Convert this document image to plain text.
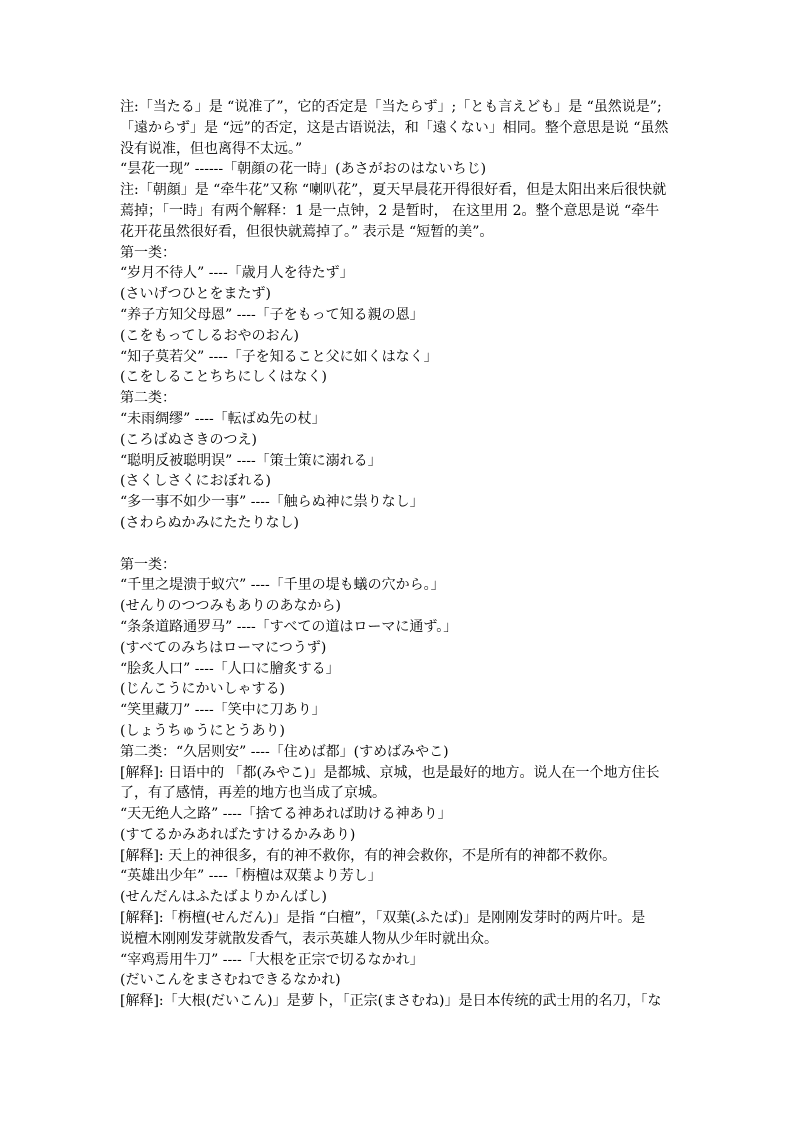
注:「当たる」是 “说准了”，它的否定是「当たらず」;「とも言えども」是 “虽然说是”;
「遠からず」是 “远”的否定，这是古语说法，和「遠くない」相同。整个意思是说 “虽然
没有说准，但也离得不太远。”
“昙花一现” ------「朝顔の花一時」(あさがおのはないちじ)
注:「朝顔」是 “牵牛花”又称 “喇叭花”，夏天早晨花开得很好看，但是太阳出来后很快就
蔫掉；「一時」有两个解释：1 是一点钟，2 是暂时， 在这里用 2。整个意思是说 “牵牛
花开花虽然很好看，但很快就蔫掉了。” 表示是 “短暂的美”。
第一类：
“岁月不待人” ----「歳月人を待たず」
(さいげつひとをまたず)
“养子方知父母恩” ----「子をもって知る親の恩」
(こをもってしるおやのおん)
“知子莫若父” ----「子を知ること父に如くはなく」
(こをしることちちにしくはなく)
第二类：
“未雨绸缪” ----「転ばぬ先の杖」
(ころばぬさきのつえ)
“聪明反被聪明误” ----「策士策に溺れる」
(さくしさくにおぼれる)
“多一事不如少一事” ----「触らぬ神に祟りなし」
(さわらぬかみにたたりなし)
第一类：
“千里之堤溃于蚁穴” ----「千里の堤も蟻の穴から。」
(せんりのつつみもありのあなから)
“条条道路通罗马” ----「すべての道はローマに通ず。」
(すべてのみちはローマにつうず)
“脍炙人口” ----「人口に膾炙する」
(じんこうにかいしゃする)
“笑里藏刀” ----「笑中に刀あり」
(しょうちゅうにとうあり)
第二类：“久居则安” ----「住めば都」(すめばみやこ)
[解释]: 日语中的 「都(みやこ)」是都城、京城，也是最好的地方。说人在一个地方住长
了，有了感情，再差的地方也当成了京城。
“天无绝人之路” ----「捨てる神あれば助ける神あり」
(すてるかみあればたすけるかみあり)
[解释]: 天上的神很多，有的神不救你，有的神会救你，不是所有的神都不救你。
“英雄出少年” ----「栴檀は双葉より芳し」
(せんだんはふたばよりかんばし)
[解释]:「栴檀(せんだん)」是指 “白檀”，「双葉(ふたば)」是刚刚发芽时的两片叶。是
说檀木刚刚发芽就散发香气，表示英雄人物从少年时就出众。
“宰鸡焉用牛刀” ----「大根を正宗で切るなかれ」
(だいこんをまさむねできるなかれ)
[解释]:「大根(だいこん)」是萝卜，「正宗(まさむね)」是日本传统的武士用的名刀，「な
